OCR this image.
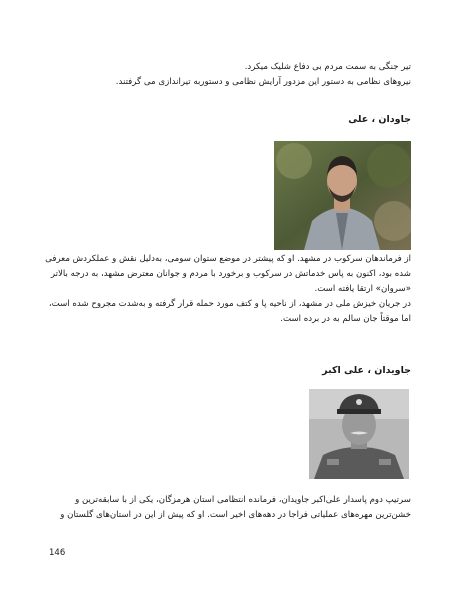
تیر جنگی به سمت مردم بی دفاع شلیک میکرد.

نیروهای نظامی به دستور این مزدور آرایش نظامی و دستوربه تیراندازی می گرفتند.

جاودان ، علی

از فرماندهان سرکوب در مشهد. او که پیشتر در موضع ستوان سومی، به‌دلیل نقش و عملکردش معرفی

شده بود، اکنون به پاس خدماتش در سرکوب و برخورد با مردم و جوانان معترض مشهد، به درجه بالاتر

«سروان» ارتقا یافته است.

در جریان خیزش ملی در مشهد، از ناحیه پا و کتف مورد حمله قرار گرفته و به‌شدت مجروح شده است،

اما موقتاً جان سالم به در برده است.

جاویدان ، علی اکبر

سرتیپ دوم پاسدار علی‌اکبر جاویدان، فرمانده انتظامی استان هرمزگان، یکی از با سابقه‌ترین و

خشن‌ترین مهره‌های عملیاتی فراجا در دهه‌های اخیر است. او که پیش از این در استان‌های گلستان و

146
